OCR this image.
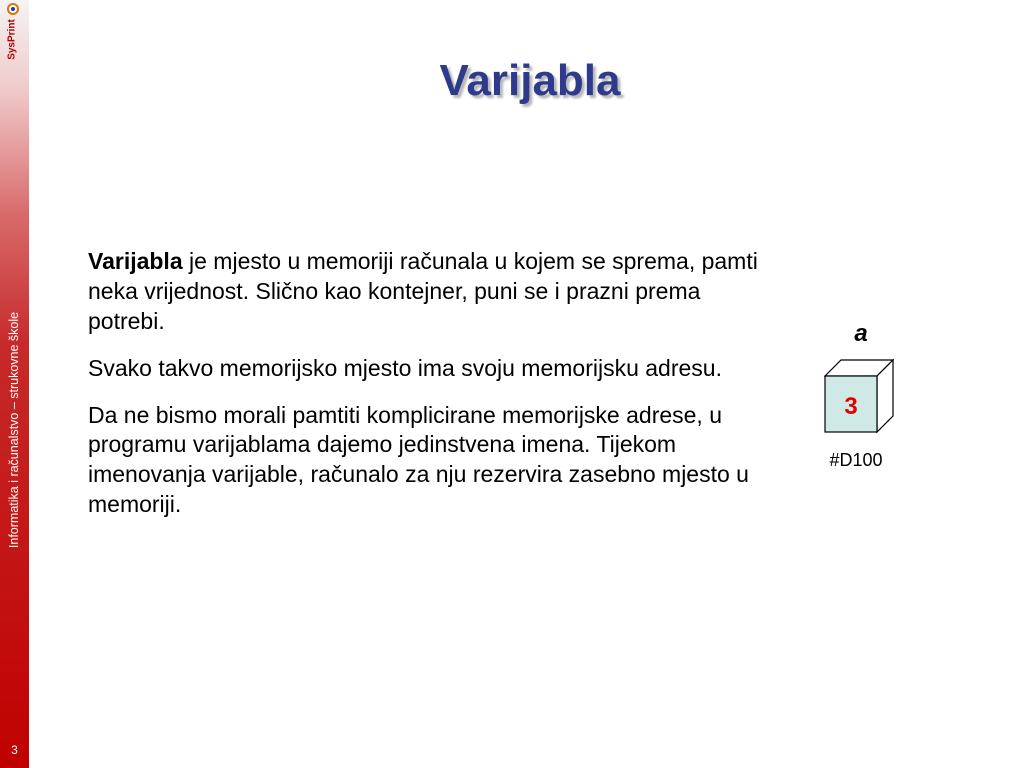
SysPrint
Informatika i računalstvo – strukovne škole
3
Varijabla

Varijabla je mjesto u memoriji računala u kojem se sprema, pamti neka vrijednost. Slično kao kontejner, puni se i prazni prema potrebi.

Svako takvo memorijsko mjesto ima svoju memorijsku adresu.

Da ne bismo morali pamtiti komplicirane memorijske adrese, u programu varijablama dajemo jedinstvena imena. Tijekom imenovanja varijable, računalo za nju rezervira zasebno mjesto u memoriji.

a
3
#D100
